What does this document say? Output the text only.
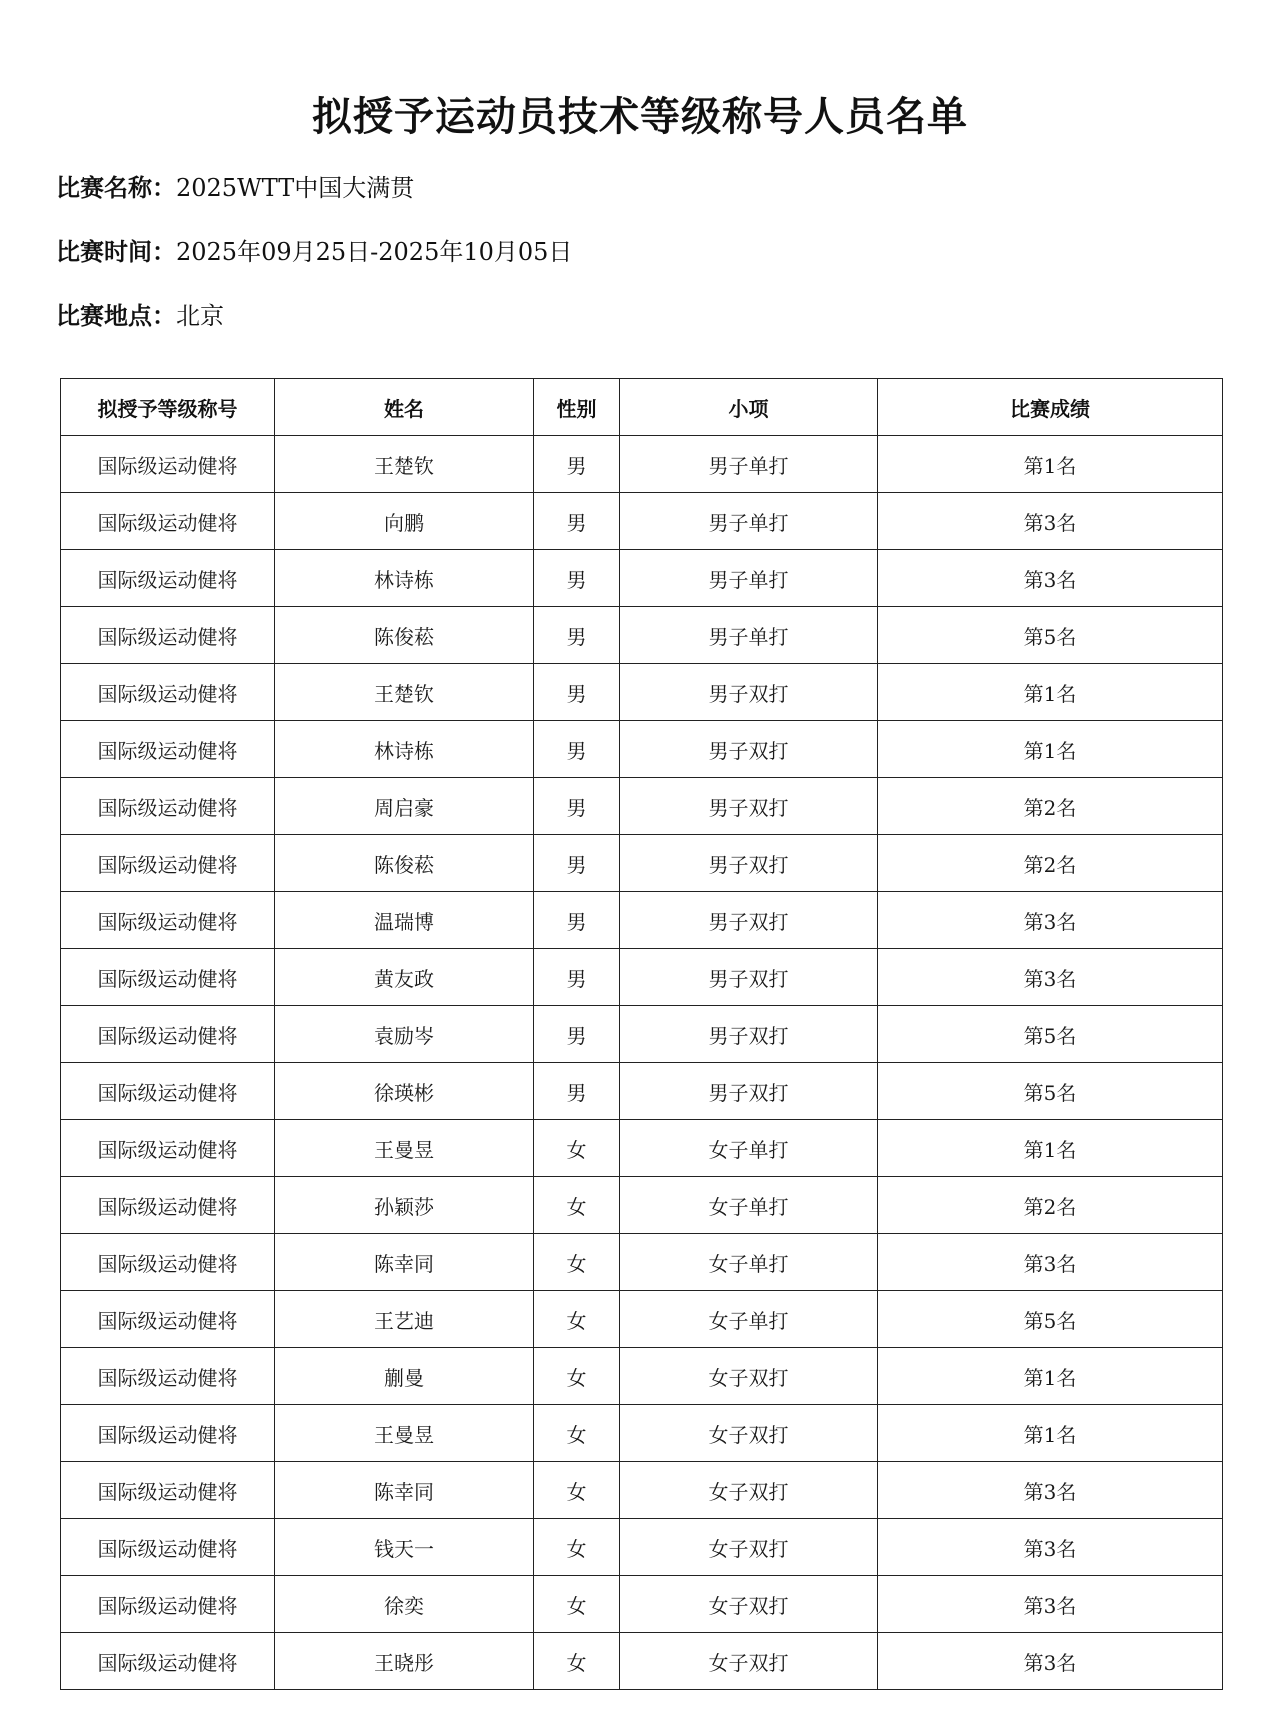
拟授予运动员技术等级称号人员名单
比赛名称：2025WTT中国大满贯
比赛时间：2025年09月25日-2025年10月05日
比赛地点：北京
拟授予等级称号	姓名	性别	小项	比赛成绩
国际级运动健将	王楚钦	男	男子单打	第1名
国际级运动健将	向鹏	男	男子单打	第3名
国际级运动健将	林诗栋	男	男子单打	第3名
国际级运动健将	陈俊菘	男	男子单打	第5名
国际级运动健将	王楚钦	男	男子双打	第1名
国际级运动健将	林诗栋	男	男子双打	第1名
国际级运动健将	周启豪	男	男子双打	第2名
国际级运动健将	陈俊菘	男	男子双打	第2名
国际级运动健将	温瑞博	男	男子双打	第3名
国际级运动健将	黄友政	男	男子双打	第3名
国际级运动健将	袁励岑	男	男子双打	第5名
国际级运动健将	徐瑛彬	男	男子双打	第5名
国际级运动健将	王曼昱	女	女子单打	第1名
国际级运动健将	孙颖莎	女	女子单打	第2名
国际级运动健将	陈幸同	女	女子单打	第3名
国际级运动健将	王艺迪	女	女子单打	第5名
国际级运动健将	蒯曼	女	女子双打	第1名
国际级运动健将	王曼昱	女	女子双打	第1名
国际级运动健将	陈幸同	女	女子双打	第3名
国际级运动健将	钱天一	女	女子双打	第3名
国际级运动健将	徐奕	女	女子双打	第3名
国际级运动健将	王晓彤	女	女子双打	第3名
